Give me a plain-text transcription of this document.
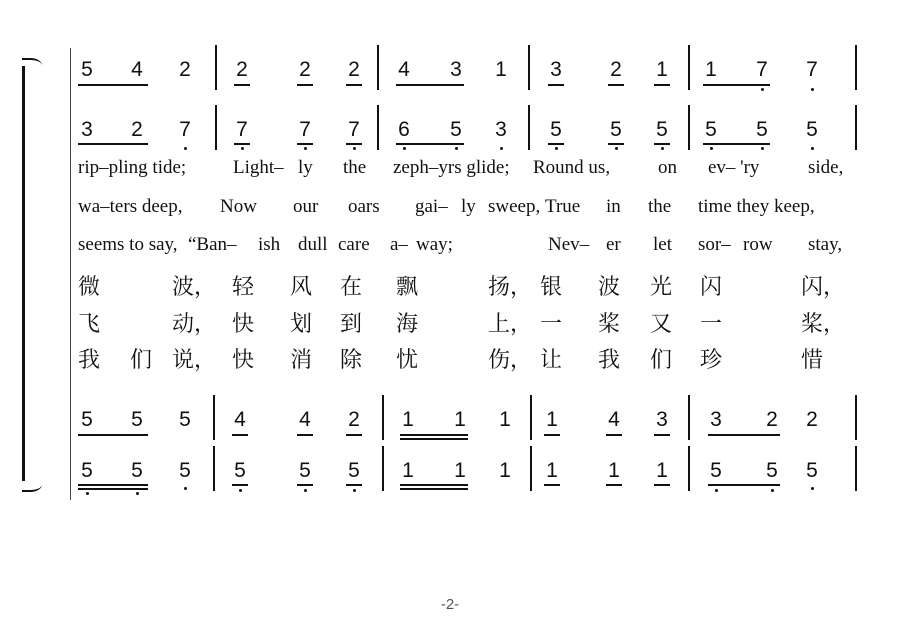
5 4 2 2 2 2 4 3 1 3 2 1 1 7 7
3 2 7 7 7 7 6 5 3 5 5 5 5 5 5
rip–pling tide; Light– ly the zeph–yrs glide; Round us,	on ev– 'ry	side,
wa–ters deep, Now our oars gai– ly sweep, True in the time they keep,
seems to say, “Ban– ish dull care a– way;	Nev– er let sor– row stay,
微	波， 轻 风 在 飘	扬， 银 波 光 闪	闪，
飞	动， 快 划 到 海	上， 一 桨 又 一	桨，
我 们 说， 快 消 除 忧	伤， 让 我 们 珍	惜
5 5 5 4	4 2 1 1 1 1 4 3 3 2 2
5 5 5 5	5 5 1 1 1 1 1 1 5 5 5
-2-
